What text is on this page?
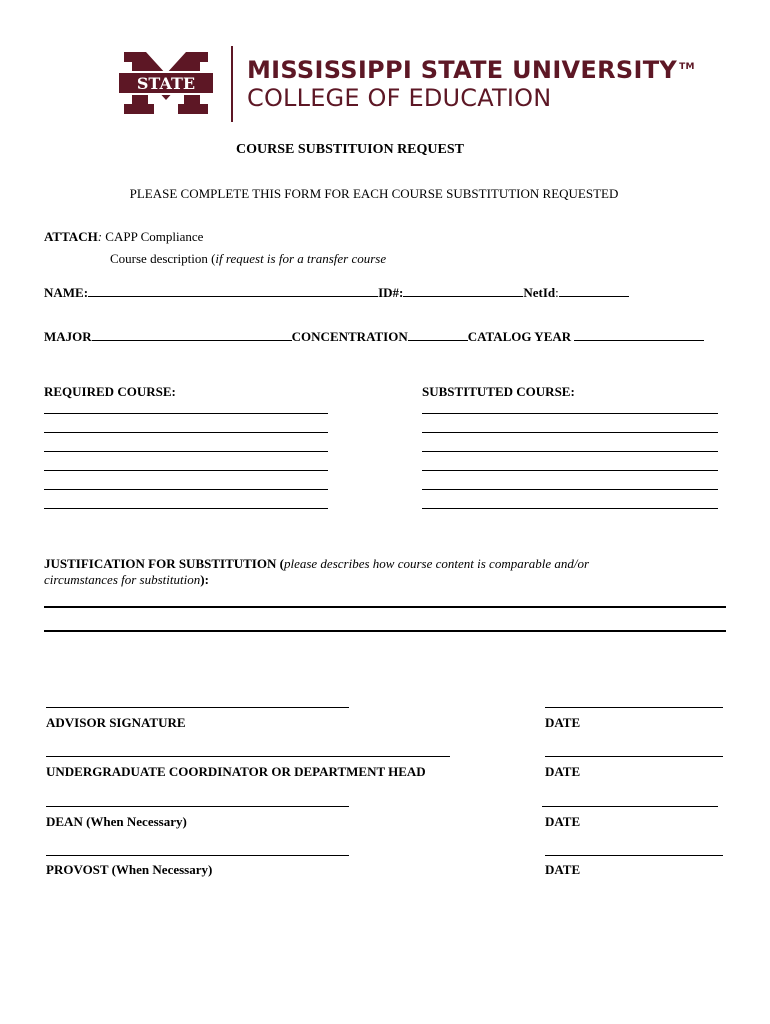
STATE MISSISSIPPI STATE UNIVERSITY ™
COLLEGE OF EDUCATION
COURSE SUBSTITUION REQUEST
PLEASE COMPLETE THIS FORM FOR EACH COURSE SUBSTITUTION REQUESTED
ATTACH: CAPP Compliance
Course description (if request is for a transfer course
NAME:	ID#:	NetId:
MAJOR	CONCENTRATION	CATALOG YEAR
REQUIRED COURSE:	SUBSTITUTED COURSE:
JUSTIFICATION FOR SUBSTITUTION (please describes how course content is comparable and/or
circumstances for substitution):
ADVISOR SIGNATURE	DATE
UNDERGRADUATE COORDINATOR OR DEPARTMENT HEAD	DATE
DEAN (When Necessary)	DATE
PROVOST (When Necessary)	DATE
